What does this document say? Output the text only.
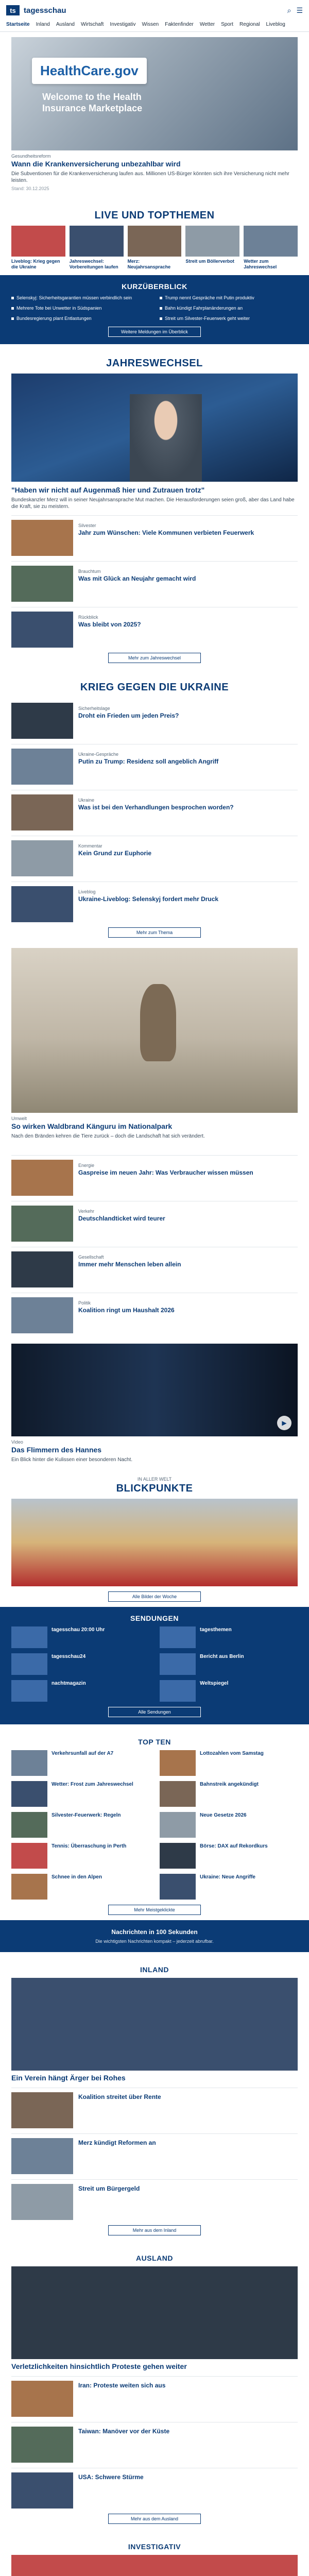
ts	tagesschau	⌕ ☰
Startseite Inland Ausland Wirtschaft Investigativ Wissen Faktenfinder Wetter Sport Regional Liveblog
HealthCare.gov
Welcome to the Health Insurance Marketplace
Gesundheitsreform
Wann die Krankenversicherung unbezahlbar wird
Die Subventionen für die Krankenversicherung laufen aus. Millionen US-Bürger könnten sich ihre Versicherung nicht mehr leisten.
Stand: 30.12.2025
LIVE UND TOPTHEMEN
Liveblog: Krieg gegen die Ukraine
Jahreswechsel: Vorbereitungen laufen
Merz: Neujahrsansprache
Streit um Böllerverbot	Wetter zum Jahreswechsel
KURZÜBERBLICK
Selenskyj: Sicherheitsgarantien müssen verbindlich sein	Trump nennt Gespräche mit Putin produktiv
Mehrere Tote bei Unwetter in Südspanien	Bahn kündigt Fahrplanänderungen an
Bundesregierung plant Entlastungen	Streit um Silvester-Feuerwerk geht weiter
Weitere Meldungen im Überblick
JAHRESWECHSEL
"Haben wir nicht auf Augenmaß hier und Zutrauen trotz"
Bundeskanzler Merz will in seiner Neujahrsansprache Mut machen. Die Herausforderungen seien groß, aber das Land habe die Kraft, sie zu meistern.
Silvester
Jahr zum Wünschen: Viele Kommunen verbieten Feuerwerk
Brauchtum
Was mit Glück an Neujahr gemacht wird
Rückblick
Was bleibt von 2025?
Mehr zum Jahreswechsel
KRIEG GEGEN DIE UKRAINE
Sicherheitslage
Droht ein Frieden um jeden Preis?
Ukraine-Gespräche
Putin zu Trump: Residenz soll angeblich Angriff
Ukraine
Was ist bei den Verhandlungen besprochen worden?
Kommentar
Kein Grund zur Euphorie
Liveblog
Ukraine-Liveblog: Selenskyj fordert mehr Druck
Mehr zum Thema
Umwelt
So wirken Waldbrand Känguru im Nationalpark
Nach den Bränden kehren die Tiere zurück – doch die Landschaft hat sich verändert.
Energie
Gaspreise im neuen Jahr: Was Verbraucher wissen müssen
Verkehr
Deutschlandticket wird teurer
Gesellschaft
Immer mehr Menschen leben allein
Politik
Koalition ringt um Haushalt 2026
▶
Video
Das Flimmern des Hannes
Ein Blick hinter die Kulissen einer besonderen Nacht.
IN ALLER WELT
BLICKPUNKTE
Alle Bilder der Woche
SENDUNGEN
tagesschau 20:00 Uhr	tagesthemen
tagesschau24	Bericht aus Berlin
nachtmagazin	Weltspiegel
Alle Sendungen
TOP TEN
Verkehrsunfall auf der A7	Lottozahlen vom Samstag
Wetter: Frost zum Jahreswechsel	Bahnstreik angekündigt
Silvester-Feuerwerk: Regeln	Neue Gesetze 2026
Tennis: Überraschung in Perth	Börse: DAX auf Rekordkurs
Schnee in den Alpen	Ukraine: Neue Angriffe
Mehr Meistgeklickte
Nachrichten in 100 Sekunden
Die wichtigsten Nachrichten kompakt – jederzeit abrufbar.
INLAND
Ein Verein hängt Ärger bei Rohes
Koalition streitet über Rente
Merz kündigt Reformen an
Streit um Bürgergeld
Mehr aus dem Inland
AUSLAND
Verletzlichkeiten hinsichtlich Proteste gehen weiter
Iran: Proteste weiten sich aus
Taiwan: Manöver vor der Küste
USA: Schwere Stürme
Mehr aus dem Ausland
INVESTIGATIV
